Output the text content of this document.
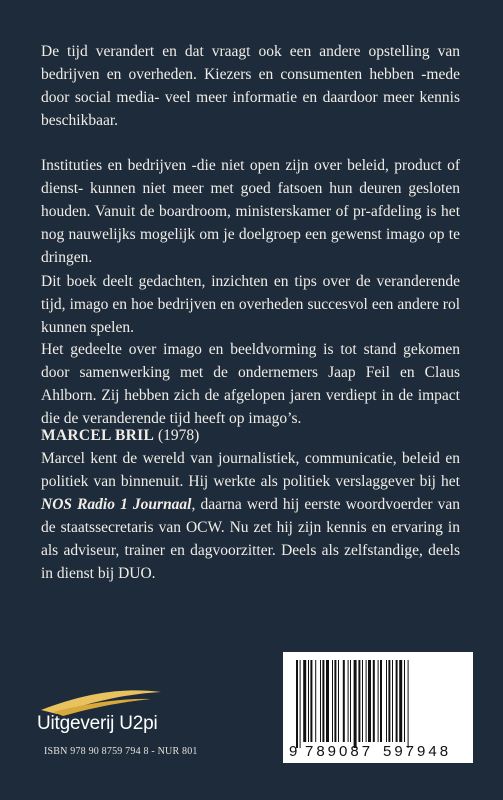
De tijd verandert en dat vraagt ook een andere opstelling van bedrijven en overheden. Kiezers en consumenten hebben -mede door social media- veel meer informatie en daardoor meer kennis beschikbaar.
Instituties en bedrijven -die niet open zijn over beleid, product of dienst- kunnen niet meer met goed fatsoen hun deuren gesloten houden. Vanuit de boardroom, ministerskamer of pr-afdeling is het nog nauwelijks mogelijk om je doelgroep een gewenst imago op te dringen.
Dit boek deelt gedachten, inzichten en tips over de veranderende tijd, imago en hoe bedrijven en overheden succesvol een andere rol kunnen spelen.
Het gedeelte over imago en beeldvorming is tot stand gekomen door samenwerking met de ondernemers Jaap Feil en Claus Ahlborn. Zij hebben zich de afgelopen jaren verdiept in de impact die de veranderende tijd heeft op imago’s.
MARCEL BRIL (1978)
Marcel kent de wereld van journalistiek, communicatie, beleid en politiek van binnenuit. Hij werkte als politiek verslaggever bij het NOS Radio 1 Journaal, daarna werd hij eerste woordvoerder van de staatssecretaris van OCW. Nu zet hij zijn kennis en ervaring in als adviseur, trainer en dagvoorzitter. Deels als zelfstandige, deels in dienst bij DUO.
Uitgeverij U2pi
ISBN 978 90 8759 794 8 - NUR 801	9 789087 597948
